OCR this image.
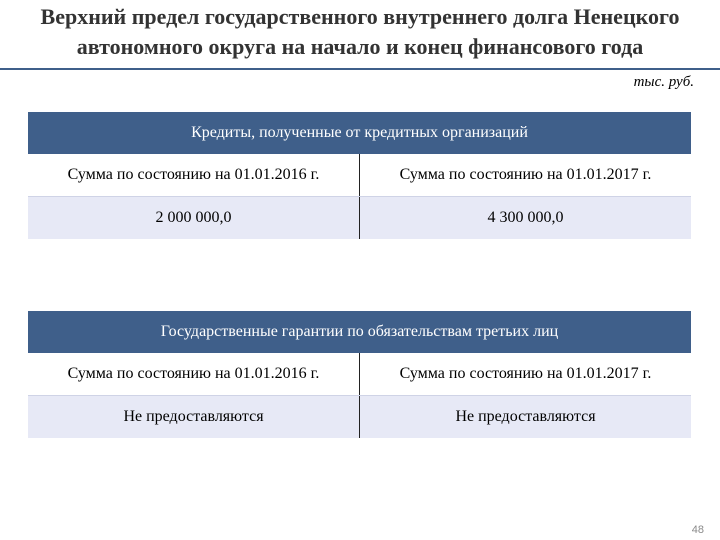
Верхний предел государственного внутреннего долга Ненецкого
автономного округа на начало и конец финансового года
тыс. руб.
Кредиты, полученные от кредитных организаций	
Сумма по состоянию на 01.01.2016 г.	Сумма по состоянию на 01.01.2017 г.
2 000 000,0	4 300 000,0
Государственные гарантии по обязательствам третьих лиц	
Сумма по состоянию на 01.01.2016 г.	Сумма по состоянию на 01.01.2017 г.
Не предоставляются	Не предоставляются
48
